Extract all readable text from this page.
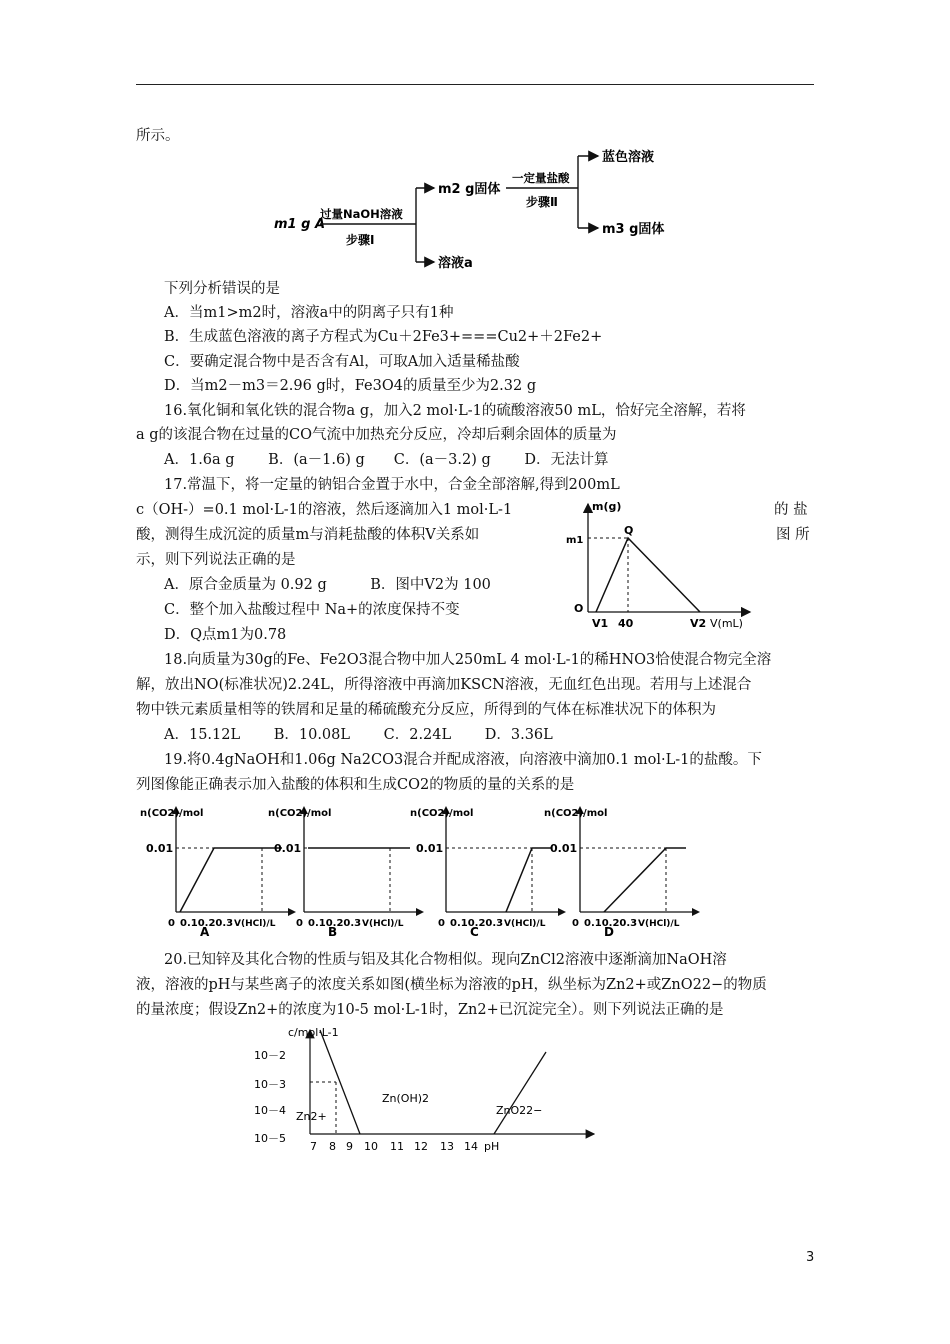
所示。
m1 g A
过量NaOH溶液
步骤Ⅰ
m2 g固体
溶液a
一定量盐酸
步骤Ⅱ
蓝色溶液
m3 g固体
下列分析错误的是
A．当m1>m2时，溶液a中的阴离子只有1种
B．生成蓝色溶液的离子方程式为Cu＋2Fe3+===Cu2+＋2Fe2+
C．要确定混合物中是否含有Al，可取A加入适量稀盐酸
D．当m2－m3＝2.96 g时，Fe3O4的质量至少为2.32 g
16.氧化铜和氧化铁的混合物a g，加入2 mol·L-1的硫酸溶液50 mL，恰好完全溶解，若将
a g的该混合物在过量的CO气流中加热充分反应，冷却后剩余固体的质量为
A．1.6a g　　 B．(a－1.6) g　　C．(a－3.2) g　　 D．无法计算
17.常温下，将一定量的钠铝合金置于水中，合金全部溶解,得到200mL
c（OH-）=0.1 mol·L-1的溶液，然后逐滴加入1 mol·L-1	的 盐
酸，测得生成沉淀的质量m与消耗盐酸的体积V关系如	图 所
示，则下列说法正确的是
A．原合金质量为 0.92 g　　　B．图中V2为 100
C．整个加入盐酸过程中 Na+的浓度保持不变
D．Q点m1为0.78
m(g)
m1
Q
O
V1 40	V2 V(mL)
18.向质量为30g的Fe、Fe2O3混合物中加人250mL 4 mol·L-1的稀HNO3恰使混合物完全溶
解，放出NO(标准状况)2.24L，所得溶液中再滴加KSCN溶液，无血红色出现。若用与上述混合
物中铁元素质量相等的铁屑和足量的稀硫酸充分反应，所得到的气体在标准状况下的体积为
A．15.12L　　 B．10.08L　　 C．2.24L　　 D．3.36L
19.将0.4gNaOH和1.06g Na2CO3混合并配成溶液，向溶液中滴加0.1 mol·L-1的盐酸。下
列图像能正确表示加入盐酸的体积和生成CO2的物质的量的关系的是
n(CO2)/mol
0.01
0 0.10.20.3 V(HCl)/L
A
n(CO2)/mol
0.01
0 0.10.20.3 V(HCl)/L
B
n(CO2)/mol
0.01
0 0.10.20.3 V(HCl)/L
C
n(CO2)/mol
0.01
0 0.10.20.3 V(HCl)/L
D
20.已知锌及其化合物的性质与铝及其化合物相似。现向ZnCl2溶液中逐渐滴加NaOH溶
液，溶液的pH与某些离子的浓度关系如图(横坐标为溶液的pH，纵坐标为Zn2+或ZnO22−的物质
的量浓度；假设Zn2+的浓度为10-5 mol·L-1时，Zn2+已沉淀完全）。则下列说法正确的是
c/mol·L-1
10－2
10－3
10－4
10－5
Zn2+
Zn(OH)2
ZnO22−
7 8 9 10 11 12 13 14 pH
3
